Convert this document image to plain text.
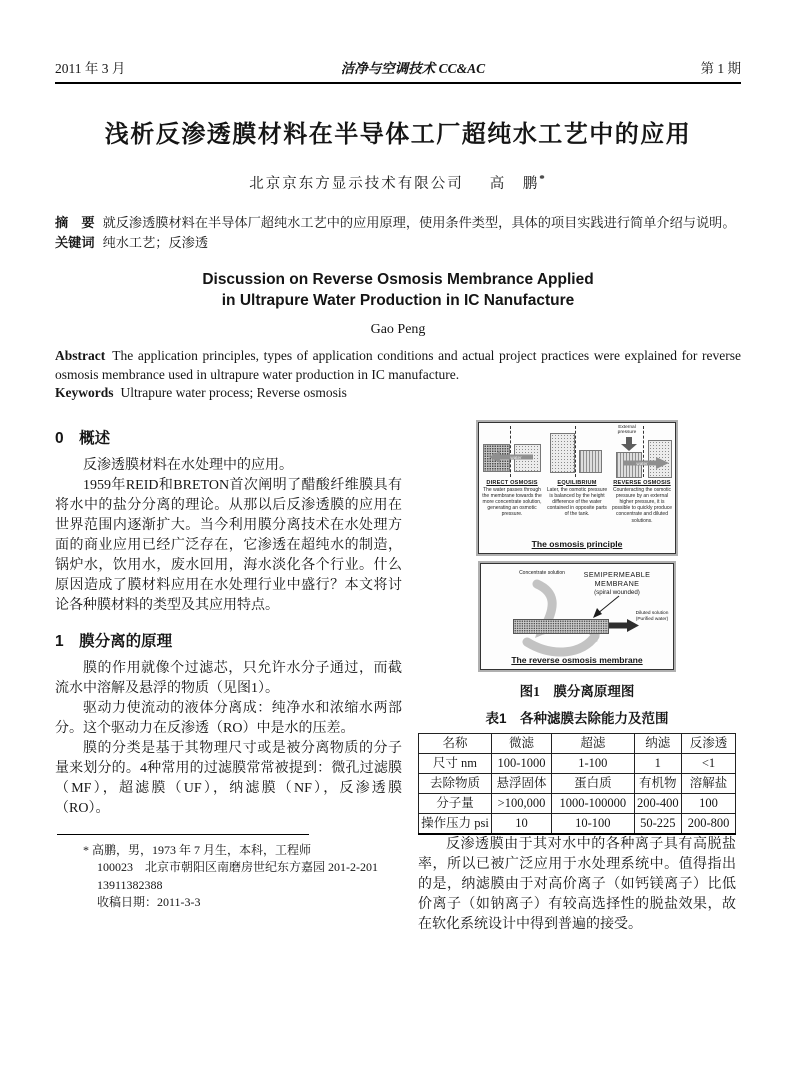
2011 年 3 月	洁净与空调技术 CC&AC	第 1 期
浅析反渗透膜材料在半导体工厂超纯水工艺中的应用
北京京东方显示技术有限公司 高　鹏*

摘　要 就反渗透膜材料在半导体厂超纯水工艺中的应用原理，使用条件类型，具体的项目实践进行简单介绍与说明。

关键词 纯水工艺；反渗透

Discussion on Reverse Osmosis Membrance Applied
in Ultrapure Water Production in IC Nanufacture
Gao Peng

Abstract The application principles, types of application conditions and actual project practices were explained for reverse osmosis membrance used in ultrapure water production in IC manufacture.

Keywords Ultrapure water process; Reverse osmosis

0　概述

反渗透膜材料在水处理中的应用。

1959年REID和BRETON首次阐明了醋酸纤维膜具有将水中的盐分分离的理论。从那以后反渗透膜的应用在世界范围内逐渐扩大。当今利用膜分离技术在水处理方面的商业应用已经广泛存在，它渗透在超纯水的制造，锅炉水，饮用水，废水回用，海水淡化各个行业。什么原因造成了膜材料应用在水处理行业中盛行？本文将讨论各种膜材料的类型及其应用特点。

1　膜分离的原理

膜的作用就像个过滤芯，只允许水分子通过，而截流水中溶解及悬浮的物质（见图1）。

驱动力使流动的液体分离成：纯净水和浓缩水两部分。这个驱动力在反渗透（RO）中是水的压差。

膜的分类是基于其物理尺寸或是被分离物质的分子量来划分的。4种常用的过滤膜常常被提到：微孔过滤膜（MF），超滤膜（UF），纳滤膜（NF），反渗透膜（RO）。

* 高鹏，男，1973 年 7 月生，本科，工程师

100023　北京市朝阳区南磨房世纪东方嘉园 201-2-201

13911382388

收稿日期：2011-3-3

water
DIRECT OSMOSIS
The water passes through the membrane towards the more concentrate solution, generating an osmotic pressure.
EQUILIBRIUM
Later, the osmotic pressure is balanced by the height difference of the water contained in opposite parts of the tank.
External pressure
water
REVERSE OSMOSIS
Counteracting the osmotic pressure by an external higher pressure, it is possible to quickly produce concentrate and diluted solutions.
The osmosis principle
Concentrate solution	SEMIPERMEABLE MEMBRANE
(spiral wounded)
Diluted solution (Purified water)
The reverse osmosis membrane
图1　膜分离原理图
表1　各种滤膜去除能力及范围
名称	微滤	超滤	纳滤	反渗透
尺寸 nm	100-1000	1-100	1	<1
去除物质	悬浮固体	蛋白质	有机物	溶解盐
分子量	>100,000	1000-100000	200-400	100
操作压力 psi	10	10-100	50-225	200-800

反渗透膜由于其对水中的各种离子具有高脱盐率，所以已被广泛应用于水处理系统中。值得指出的是，纳滤膜由于对高价离子（如钙镁离子）比低价离子（如钠离子）有较高选择性的脱盐效果，故在软化系统设计中得到普遍的接受。
